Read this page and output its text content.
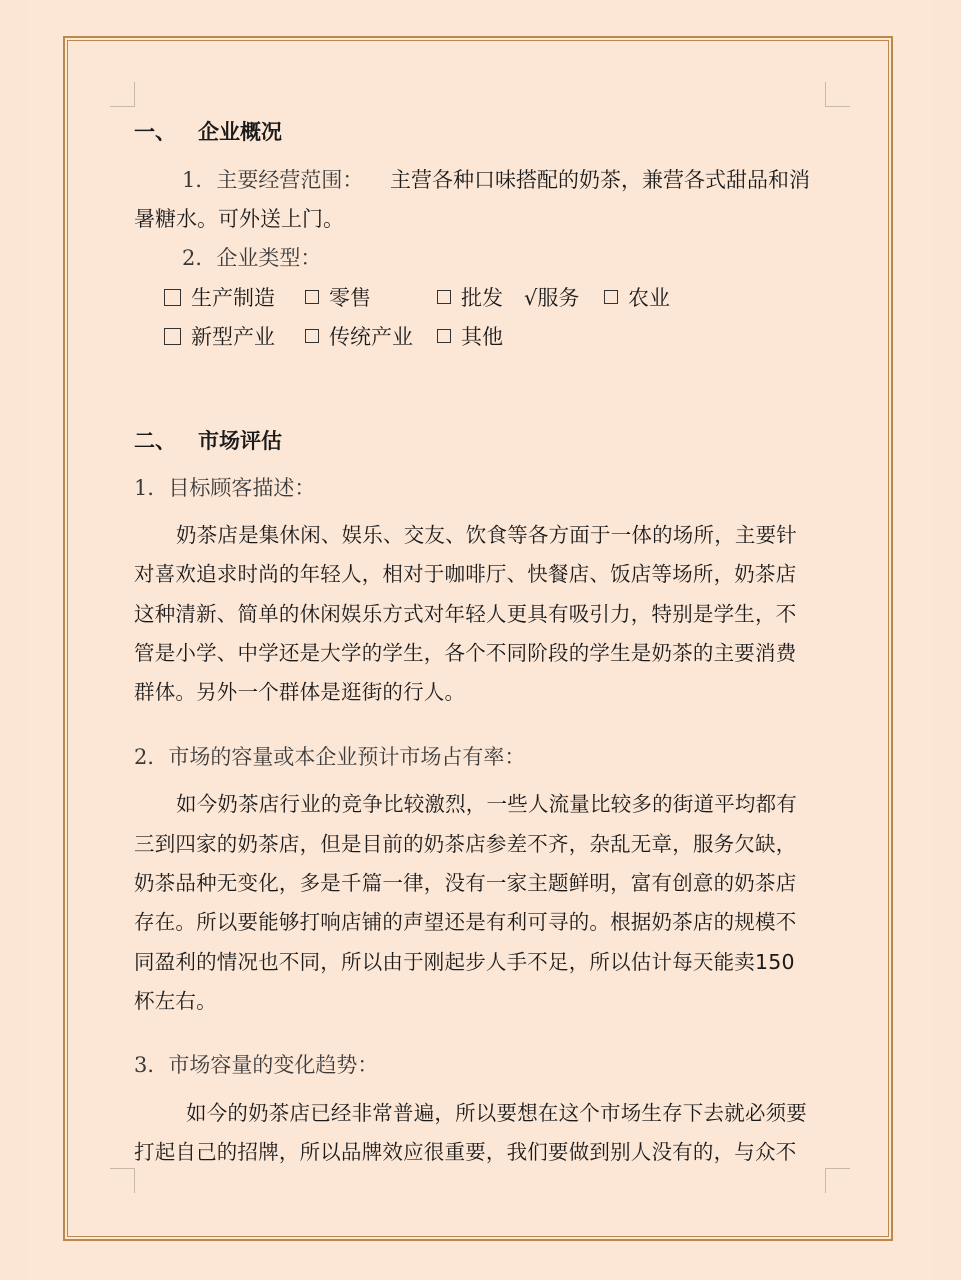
一、 企业概况
1．主要经营范围： 主营各种口味搭配的奶茶，兼营各式甜品和消
暑糖水。可外送上门。
2．企业类型：
生产制造	零售	批发 √服务	农业
新型产业	传统产业	其他
二、 市场评估
1．目标顾客描述：
奶茶店是集休闲、娱乐、交友、饮食等各方面于一体的场所，主要针
对喜欢追求时尚的年轻人，相对于咖啡厅、快餐店、饭店等场所，奶茶店
这种清新、简单的休闲娱乐方式对年轻人更具有吸引力，特别是学生，不
管是小学、中学还是大学的学生，各个不同阶段的学生是奶茶的主要消费
群体。另外一个群体是逛街的行人。
2．市场的容量或本企业预计市场占有率：
如今奶茶店行业的竞争比较激烈，一些人流量比较多的街道平均都有
三到四家的奶茶店，但是目前的奶茶店参差不齐，杂乱无章，服务欠缺，
奶茶品种无变化，多是千篇一律，没有一家主题鲜明，富有创意的奶茶店
存在。所以要能够打响店铺的声望还是有利可寻的。根据奶茶店的规模不
同盈利的情况也不同，所以由于刚起步人手不足，所以估计每天能卖150
杯左右。
3．市场容量的变化趋势：
如今的奶茶店已经非常普遍，所以要想在这个市场生存下去就必须要
打起自己的招牌，所以品牌效应很重要，我们要做到别人没有的，与众不
